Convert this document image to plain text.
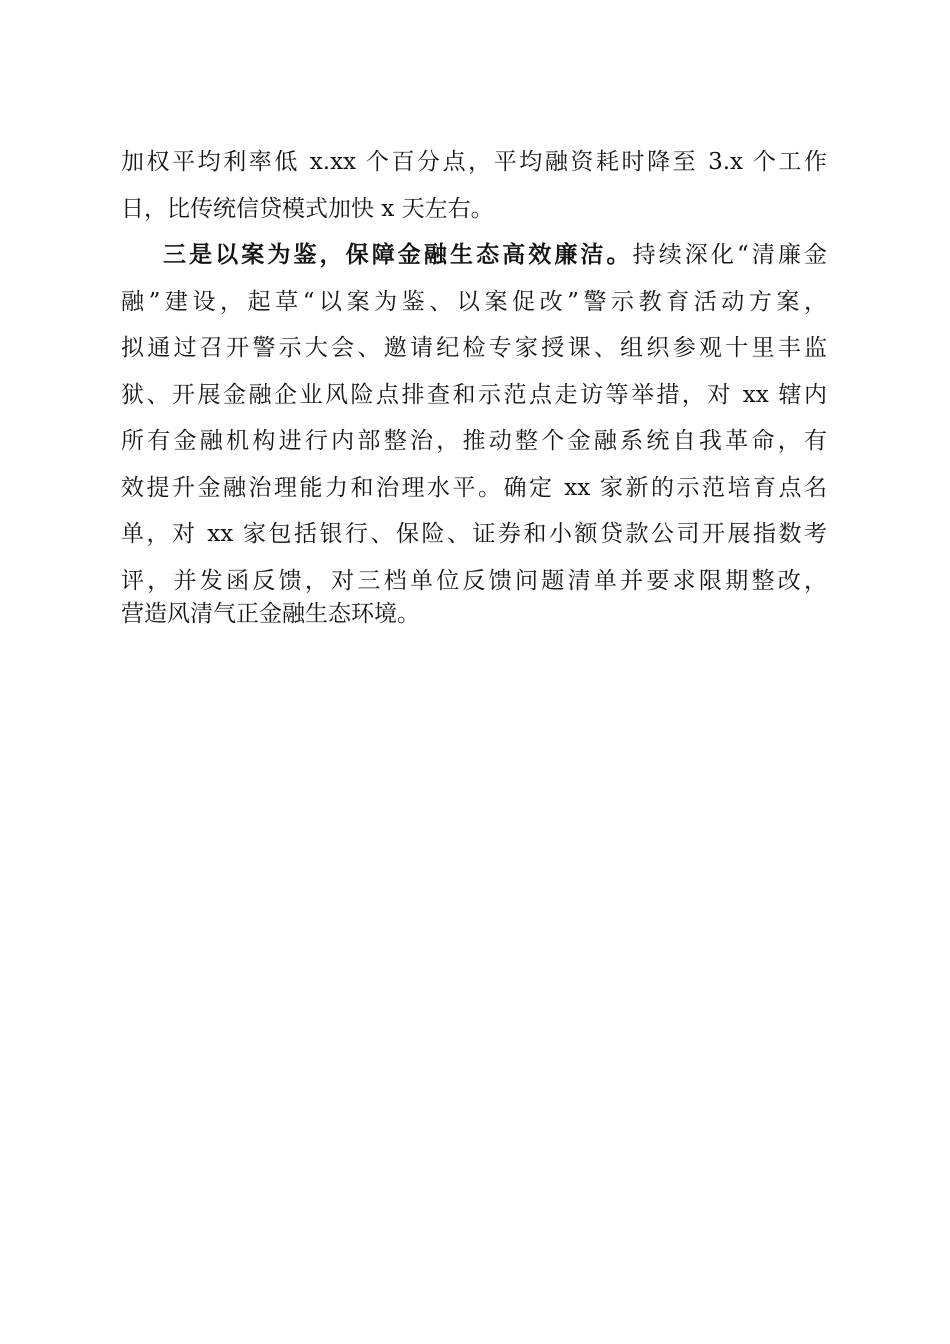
加权平均利率低 x.xx 个百分点，平均融资耗时降至 3.x 个工作
日，比传统信贷模式加快 x 天左右。
三是以案为鉴，保障金融生态高效廉洁。持续深化“清廉金
融”建设，起草“以案为鉴、以案促改”警示教育活动方案，
拟通过召开警示大会、邀请纪检专家授课、组织参观十里丰监
狱、开展金融企业风险点排查和示范点走访等举措，对 xx 辖内
所有金融机构进行内部整治，推动整个金融系统自我革命，有
效提升金融治理能力和治理水平。确定 xx 家新的示范培育点名
单，对 xx 家包括银行、保险、证券和小额贷款公司开展指数考
评，并发函反馈，对三档单位反馈问题清单并要求限期整改，
营造风清气正金融生态环境。
